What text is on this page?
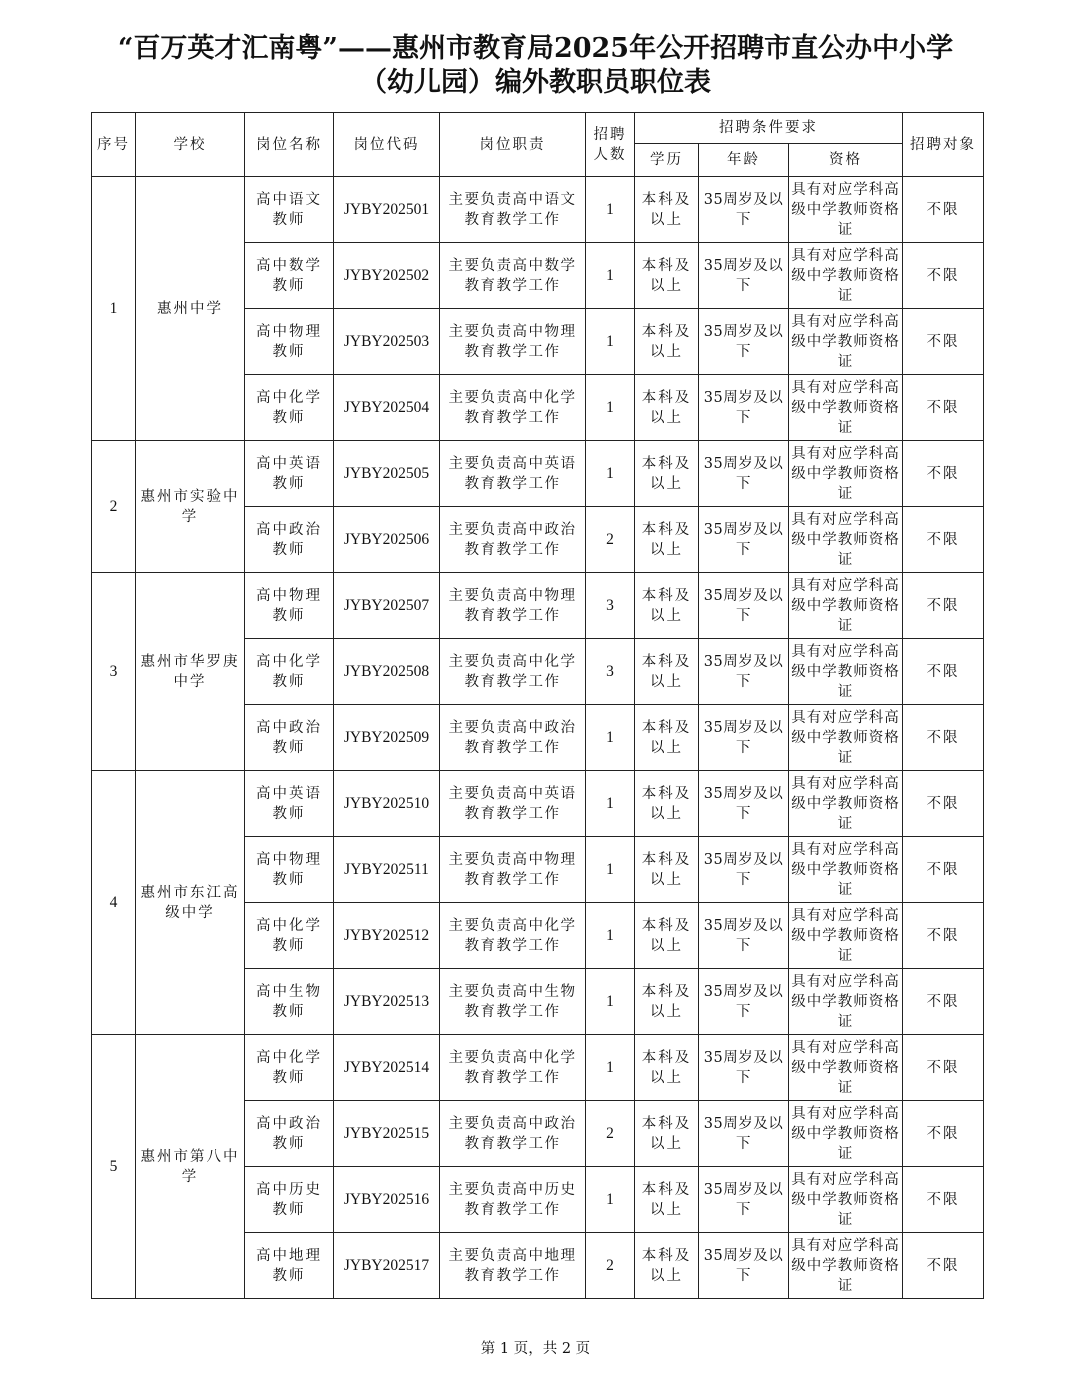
“百万英才汇南粤”——惠州市教育局2025年公开招聘市直公办中小学
（幼儿园）编外教职员职位表
序号	学校	岗位名称	岗位代码	岗位职责	招聘人数	招聘条件要求			招聘对象
						学历	年龄	资格	
1	惠州中学	高中语文教师	JYBY202501	主要负责高中语文教育教学工作	1	本科及以上	35周岁及以下	具有对应学科高级中学教师资格证	不限
		高中数学教师	JYBY202502	主要负责高中数学教育教学工作	1	本科及以上	35周岁及以下	具有对应学科高级中学教师资格证	不限
		高中物理教师	JYBY202503	主要负责高中物理教育教学工作	1	本科及以上	35周岁及以下	具有对应学科高级中学教师资格证	不限
		高中化学教师	JYBY202504	主要负责高中化学教育教学工作	1	本科及以上	35周岁及以下	具有对应学科高级中学教师资格证	不限
2	惠州市实验中学	高中英语教师	JYBY202505	主要负责高中英语教育教学工作	1	本科及以上	35周岁及以下	具有对应学科高级中学教师资格证	不限
		高中政治教师	JYBY202506	主要负责高中政治教育教学工作	2	本科及以上	35周岁及以下	具有对应学科高级中学教师资格证	不限
3	惠州市华罗庚中学	高中物理教师	JYBY202507	主要负责高中物理教育教学工作	3	本科及以上	35周岁及以下	具有对应学科高级中学教师资格证	不限
		高中化学教师	JYBY202508	主要负责高中化学教育教学工作	3	本科及以上	35周岁及以下	具有对应学科高级中学教师资格证	不限
		高中政治教师	JYBY202509	主要负责高中政治教育教学工作	1	本科及以上	35周岁及以下	具有对应学科高级中学教师资格证	不限
4	惠州市东江高级中学	高中英语教师	JYBY202510	主要负责高中英语教育教学工作	1	本科及以上	35周岁及以下	具有对应学科高级中学教师资格证	不限
		高中物理教师	JYBY202511	主要负责高中物理教育教学工作	1	本科及以上	35周岁及以下	具有对应学科高级中学教师资格证	不限
		高中化学教师	JYBY202512	主要负责高中化学教育教学工作	1	本科及以上	35周岁及以下	具有对应学科高级中学教师资格证	不限
		高中生物教师	JYBY202513	主要负责高中生物教育教学工作	1	本科及以上	35周岁及以下	具有对应学科高级中学教师资格证	不限
5	惠州市第八中学	高中化学教师	JYBY202514	主要负责高中化学教育教学工作	1	本科及以上	35周岁及以下	具有对应学科高级中学教师资格证	不限
		高中政治教师	JYBY202515	主要负责高中政治教育教学工作	2	本科及以上	35周岁及以下	具有对应学科高级中学教师资格证	不限
		高中历史教师	JYBY202516	主要负责高中历史教育教学工作	1	本科及以上	35周岁及以下	具有对应学科高级中学教师资格证	不限
		高中地理教师	JYBY202517	主要负责高中地理教育教学工作	2	本科及以上	35周岁及以下	具有对应学科高级中学教师资格证	不限
第 1 页，共 2 页
